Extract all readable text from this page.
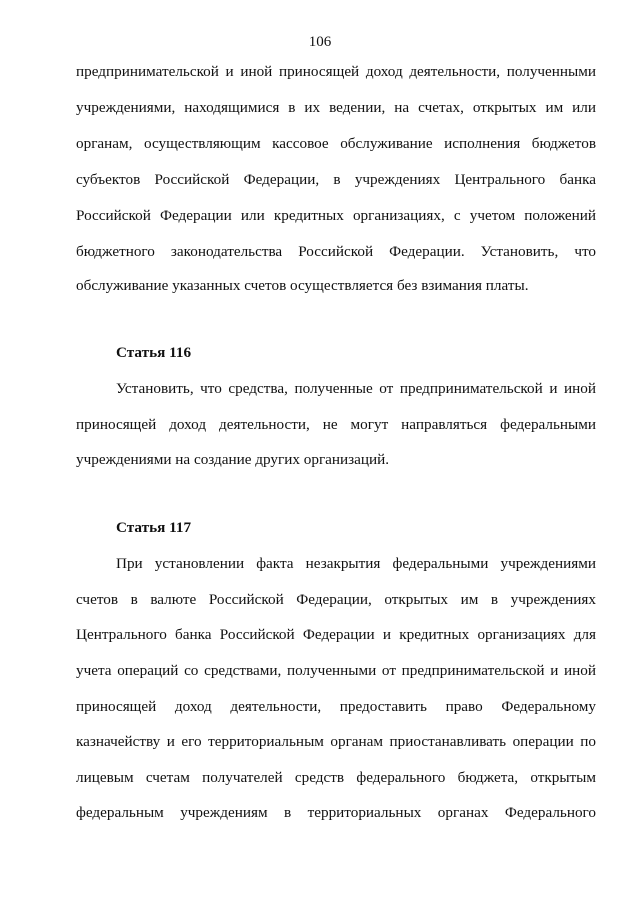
106
предпринимательской и иной приносящей доход деятельности, полученными
учреждениями, находящимися в их ведении, на счетах, открытых им или
органам, осуществляющим кассовое обслуживание исполнения бюджетов
субъектов Российской Федерации, в учреждениях Центрального банка
Российской Федерации или кредитных организациях, с учетом положений
бюджетного законодательства Российской Федерации. Установить, что
обслуживание указанных счетов осуществляется без взимания платы.
Статья 116
Установить, что средства, полученные от предпринимательской и иной
приносящей доход деятельности, не могут направляться федеральными
учреждениями на создание других организаций.
Статья 117
При установлении факта незакрытия федеральными учреждениями
счетов в валюте Российской Федерации, открытых им в учреждениях
Центрального банка Российской Федерации и кредитных организациях для
учета операций со средствами, полученными от предпринимательской и иной
приносящей доход деятельности, предоставить право Федеральному
казначейству и его территориальным органам приостанавливать операции по
лицевым счетам получателей средств федерального бюджета, открытым
федеральным учреждениям в территориальных органах Федерального
